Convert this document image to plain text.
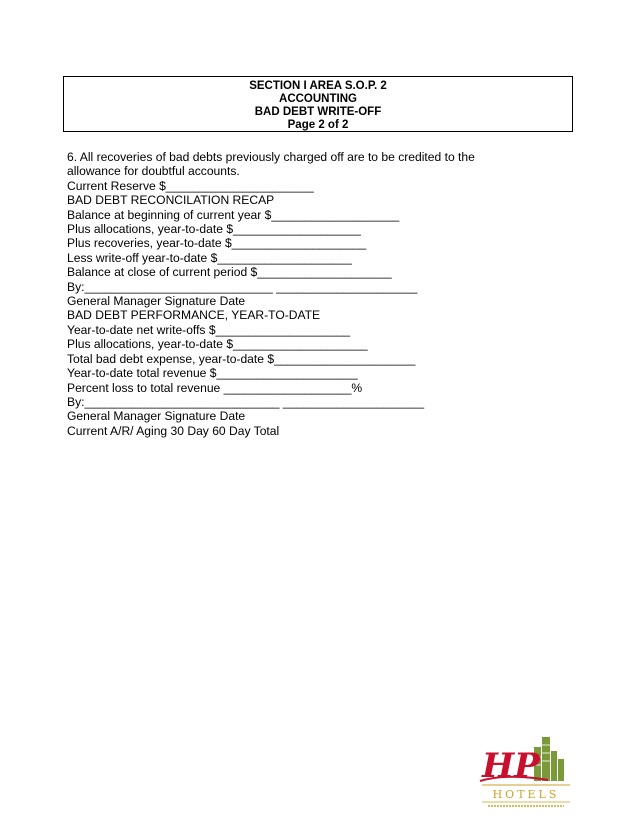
SECTION I AREA S.O.P. 2
ACCOUNTING
BAD DEBT WRITE-OFF
Page 2 of 2
6. All recoveries of bad debts previously charged off are to be credited to the
allowance for doubtful accounts.
Current Reserve $______________________
BAD DEBT RECONCILATION RECAP
Balance at beginning of current year $___________________
Plus allocations, year-to-date $___________________
Plus recoveries, year-to-date $____________________
Less write-off year-to-date $____________________
Balance at close of current period $____________________
By:____________________________ _____________________
General Manager Signature Date
BAD DEBT PERFORMANCE, YEAR-TO-DATE
Year-to-date net write-offs $____________________
Plus allocations, year-to-date $____________________
Total bad debt expense, year-to-date $_____________________
Year-to-date total revenue $_____________________
Percent loss to total revenue ___________________%
By:_____________________________ _____________________
General Manager Signature Date
Current A/R/ Aging 30 Day 60 Day Total
HP
HOTELS
